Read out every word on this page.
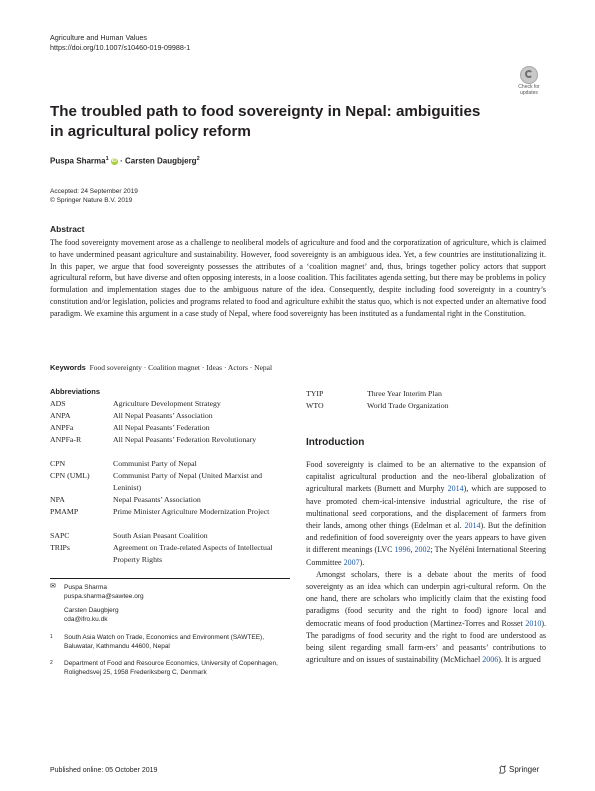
Agriculture and Human Values
https://doi.org/10.1007/s10460-019-09988-1
Check for
updates
The troubled path to food sovereignty in Nepal: ambiguities
in agricultural policy reform
Puspa Sharma$^1$ iD · Carsten Daugbjerg$^2$
Accepted: 24 September 2019
© Springer Nature B.V. 2019
Abstract
The food sovereignty movement arose as a challenge to neoliberal models of agriculture and food and the corporatization of agriculture, which is claimed to have undermined peasant agriculture and sustainability. However, food sovereignty is an ambiguous idea. Yet, a few countries are institutionalizing it. In this paper, we argue that food sovereignty possesses the attributes of a ‘coalition magnet’ and, thus, brings together policy actors that support agricultural reform, but have diverse and often opposing interests, in a loose coalition. This facilitates agenda setting, but there may be problems in policy formulation and implementation stages due to the ambiguous nature of the idea. Consequently, despite including food sovereignty in a country’s constitution and/or legislation, policies and programs related to food and agriculture exhibit the status quo, which is not expected under an alternative food paradigm. We examine this argument in a case study of Nepal, where food sovereignty has been instituted as a fundamental right in the Constitution.
Keywords Food sovereignty · Coalition magnet · Ideas · Actors · Nepal
Abbreviations
ADS	Agriculture Development Strategy
ANPA	All Nepal Peasants’ Association
ANPFa	All Nepal Peasants’ Federation
ANPFa-R	All Nepal Peasants’ Federation Revolutionary
CPN	Communist Party of Nepal
CPN (UML)	Communist Party of Nepal (United Marxist and Leninist)
NPA	Nepal Peasants’ Association
PMAMP	Prime Minister Agriculture Modernization Project
SAPC	South Asian Peasant Coalition
TRIPs	Agreement on Trade-related Aspects of Intellectual Property Rights
TYIP	Three Year Interim Plan
WTO	World Trade Organization
Introduction

Food sovereignty is claimed to be an alternative to the expansion of capitalist agricultural production and the neo-liberal globalization of agricultural markets (Burnett and Murphy 2014), which are supposed to have promoted chem-ical-intensive industrial agriculture, the rise of multinational seed corporations, and the displacement of farmers from their lands, among other things (Edelman et al. 2014). But the definition and redefinition of food sovereignty over the years appears to have given it different meanings (LVC 1996, 2002; The Nyéléni International Steering Committee 2007).

Amongst scholars, there is a debate about the merits of food sovereignty as an idea which can underpin agri-cultural reform. On the one hand, there are scholars who implicitly claim that the existing food paradigms (food security and the right to food) ignore local and democratic means of food production (Martinez-Torres and Rosset 2010). The paradigms of food security and the right to food are understood as being silent regarding small farm-ers’ and peasants’ contributions to agriculture and on issues of sustainability (McMichael 2006). It is argued

✉ Puspa Sharma
puspa.sharma@sawtee.org
Carsten Daugbjerg
cda@ifro.ku.dk
1 South Asia Watch on Trade, Economics and Environment (SAWTEE), Baluwatar, Kathmandu 44600, Nepal
2 Department of Food and Resource Economics, University of Copenhagen, Rolighedsvej 25, 1958 Frederiksberg C, Denmark
Published online: 05 October 2019	Springer
